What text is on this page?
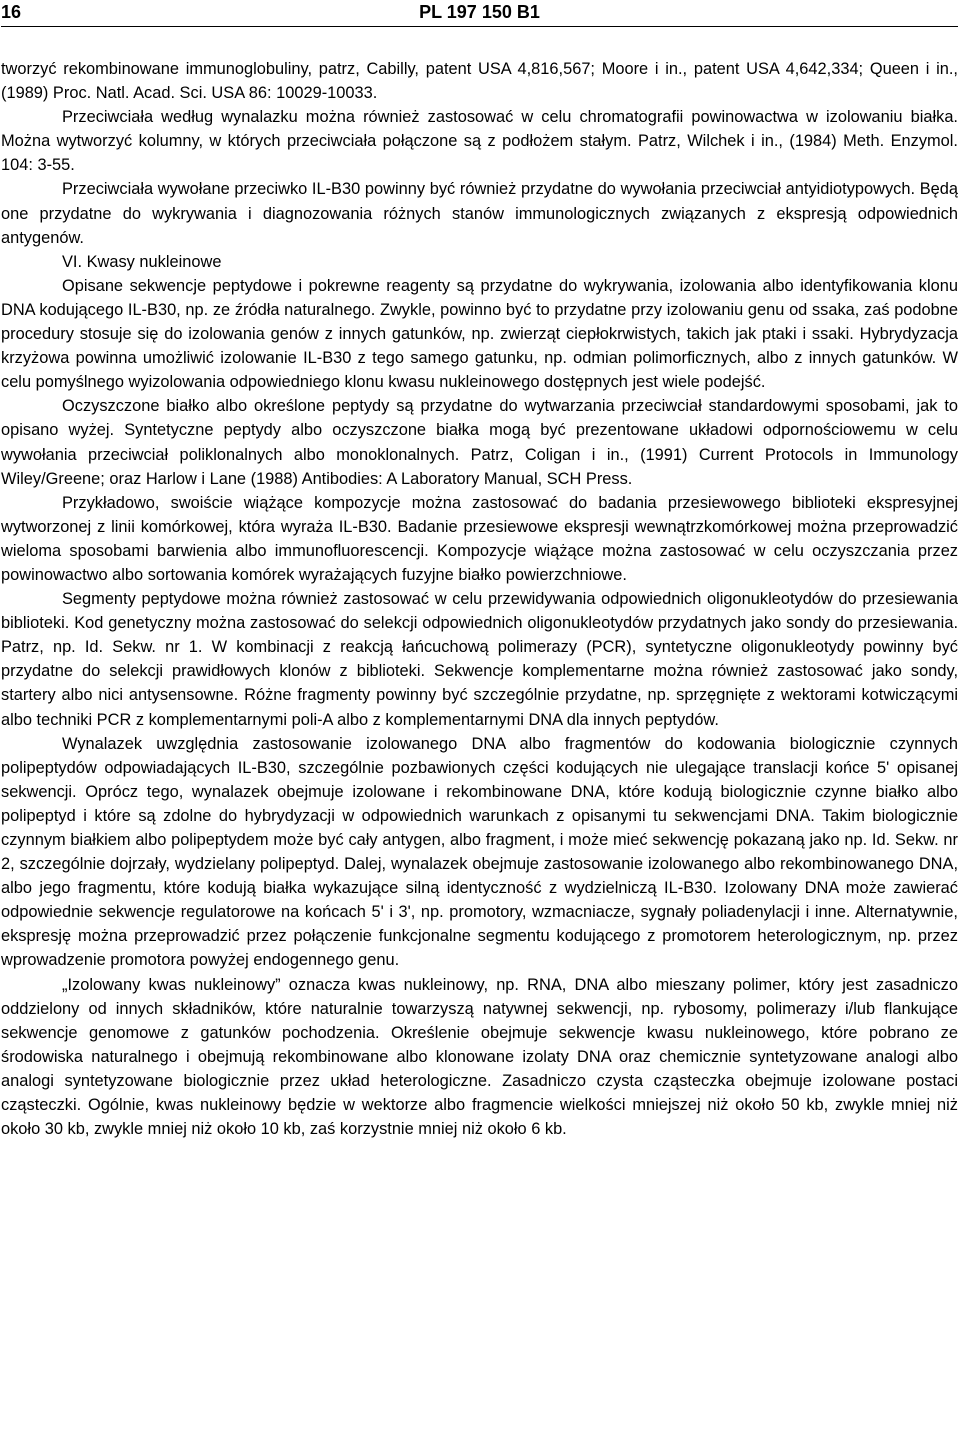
16	PL 197 150 B1

tworzyć rekombinowane immunoglobuliny, patrz, Cabilly, patent USA 4,816,567; Moore i in., patent USA 4,642,334; Queen i in., (1989) Proc. Natl. Acad. Sci. USA 86: 10029-10033.

Przeciwciała według wynalazku można również zastosować w celu chromatografii powinowactwa w izolowaniu białka. Można wytworzyć kolumny, w których przeciwciała połączone są z podłożem stałym. Patrz, Wilchek i in., (1984) Meth. Enzymol. 104: 3-55.

Przeciwciała wywołane przeciwko IL-B30 powinny być również przydatne do wywołania przeciwciał antyidiotypowych. Będą one przydatne do wykrywania i diagnozowania różnych stanów immunologicznych związanych z ekspresją odpowiednich antygenów.

VI. Kwasy nukleinowe

Opisane sekwencje peptydowe i pokrewne reagenty są przydatne do wykrywania, izolowania albo identyfikowania klonu DNA kodującego IL-B30, np. ze źródła naturalnego. Zwykle, powinno być to przydatne przy izolowaniu genu od ssaka, zaś podobne procedury stosuje się do izolowania genów z innych gatunków, np. zwierząt ciepłokrwistych, takich jak ptaki i ssaki. Hybrydyzacja krzyżowa powinna umożliwić izolowanie IL-B30 z tego samego gatunku, np. odmian polimorficznych, albo z innych gatunków. W celu pomyślnego wyizolowania odpowiedniego klonu kwasu nukleinowego dostępnych jest wiele podejść.

Oczyszczone białko albo określone peptydy są przydatne do wytwarzania przeciwciał standardowymi sposobami, jak to opisano wyżej. Syntetyczne peptydy albo oczyszczone białka mogą być prezentowane układowi odpornościowemu w celu wywołania przeciwciał poliklonalnych albo monoklonalnych. Patrz, Coligan i in., (1991) Current Protocols in Immunology Wiley/Greene; oraz Harlow i Lane (1988) Antibodies: A Laboratory Manual, SCH Press.

Przykładowo, swoiście wiążące kompozycje można zastosować do badania przesiewowego biblioteki ekspresyjnej wytworzonej z linii komórkowej, która wyraża IL-B30. Badanie przesiewowe ekspresji wewnątrzkomórkowej można przeprowadzić wieloma sposobami barwienia albo immunofluorescencji. Kompozycje wiążące można zastosować w celu oczyszczania przez powinowactwo albo sortowania komórek wyrażających fuzyjne białko powierzchniowe.

Segmenty peptydowe można również zastosować w celu przewidywania odpowiednich oligonukleotydów do przesiewania biblioteki. Kod genetyczny można zastosować do selekcji odpowiednich oligonukleotydów przydatnych jako sondy do przesiewania. Patrz, np. Id. Sekw. nr 1. W kombinacji z reakcją łańcuchową polimerazy (PCR), syntetyczne oligonukleotydy powinny być przydatne do selekcji prawidłowych klonów z biblioteki. Sekwencje komplementarne można również zastosować jako sondy, startery albo nici antysensowne. Różne fragmenty powinny być szczególnie przydatne, np. sprzęgnięte z wektorami kotwiczącymi albo techniki PCR z komplementarnymi poli-A albo z komplementarnymi DNA dla innych peptydów.

Wynalazek uwzględnia zastosowanie izolowanego DNA albo fragmentów do kodowania biologicznie czynnych polipeptydów odpowiadających IL-B30, szczególnie pozbawionych części kodujących nie ulegające translacji końce 5' opisanej sekwencji. Oprócz tego, wynalazek obejmuje izolowane i rekombinowane DNA, które kodują biologicznie czynne białko albo polipeptyd i które są zdolne do hybrydyzacji w odpowiednich warunkach z opisanymi tu sekwencjami DNA. Takim biologicznie czynnym białkiem albo polipeptydem może być cały antygen, albo fragment, i może mieć sekwencję pokazaną jako np. Id. Sekw. nr 2, szczególnie dojrzały, wydzielany polipeptyd. Dalej, wynalazek obejmuje zastosowanie izolowanego albo rekombinowanego DNA, albo jego fragmentu, które kodują białka wykazujące silną identyczność z wydzielniczą IL-B30. Izolowany DNA może zawierać odpowiednie sekwencje regulatorowe na końcach 5' i 3', np. promotory, wzmacniacze, sygnały poliadenylacji i inne. Alternatywnie, ekspresję można przeprowadzić przez połączenie funkcjonalne segmentu kodującego z promotorem heterologicznym, np. przez wprowadzenie promotora powyżej endogennego genu.

„Izolowany kwas nukleinowy” oznacza kwas nukleinowy, np. RNA, DNA albo mieszany polimer, który jest zasadniczo oddzielony od innych składników, które naturalnie towarzyszą natywnej sekwencji, np. rybosomy, polimerazy i/lub flankujące sekwencje genomowe z gatunków pochodzenia. Określenie obejmuje sekwencje kwasu nukleinowego, które pobrano ze środowiska naturalnego i obejmują rekombinowane albo klonowane izolaty DNA oraz chemicznie syntetyzowane analogi albo analogi syntetyzowane biologicznie przez układ heterologiczne. Zasadniczo czysta cząsteczka obejmuje izolowane postaci cząsteczki. Ogólnie, kwas nukleinowy będzie w wektorze albo fragmencie wielkości mniejszej niż około 50 kb, zwykle mniej niż około 30 kb, zwykle mniej niż około 10 kb, zaś korzystnie mniej niż około 6 kb.
